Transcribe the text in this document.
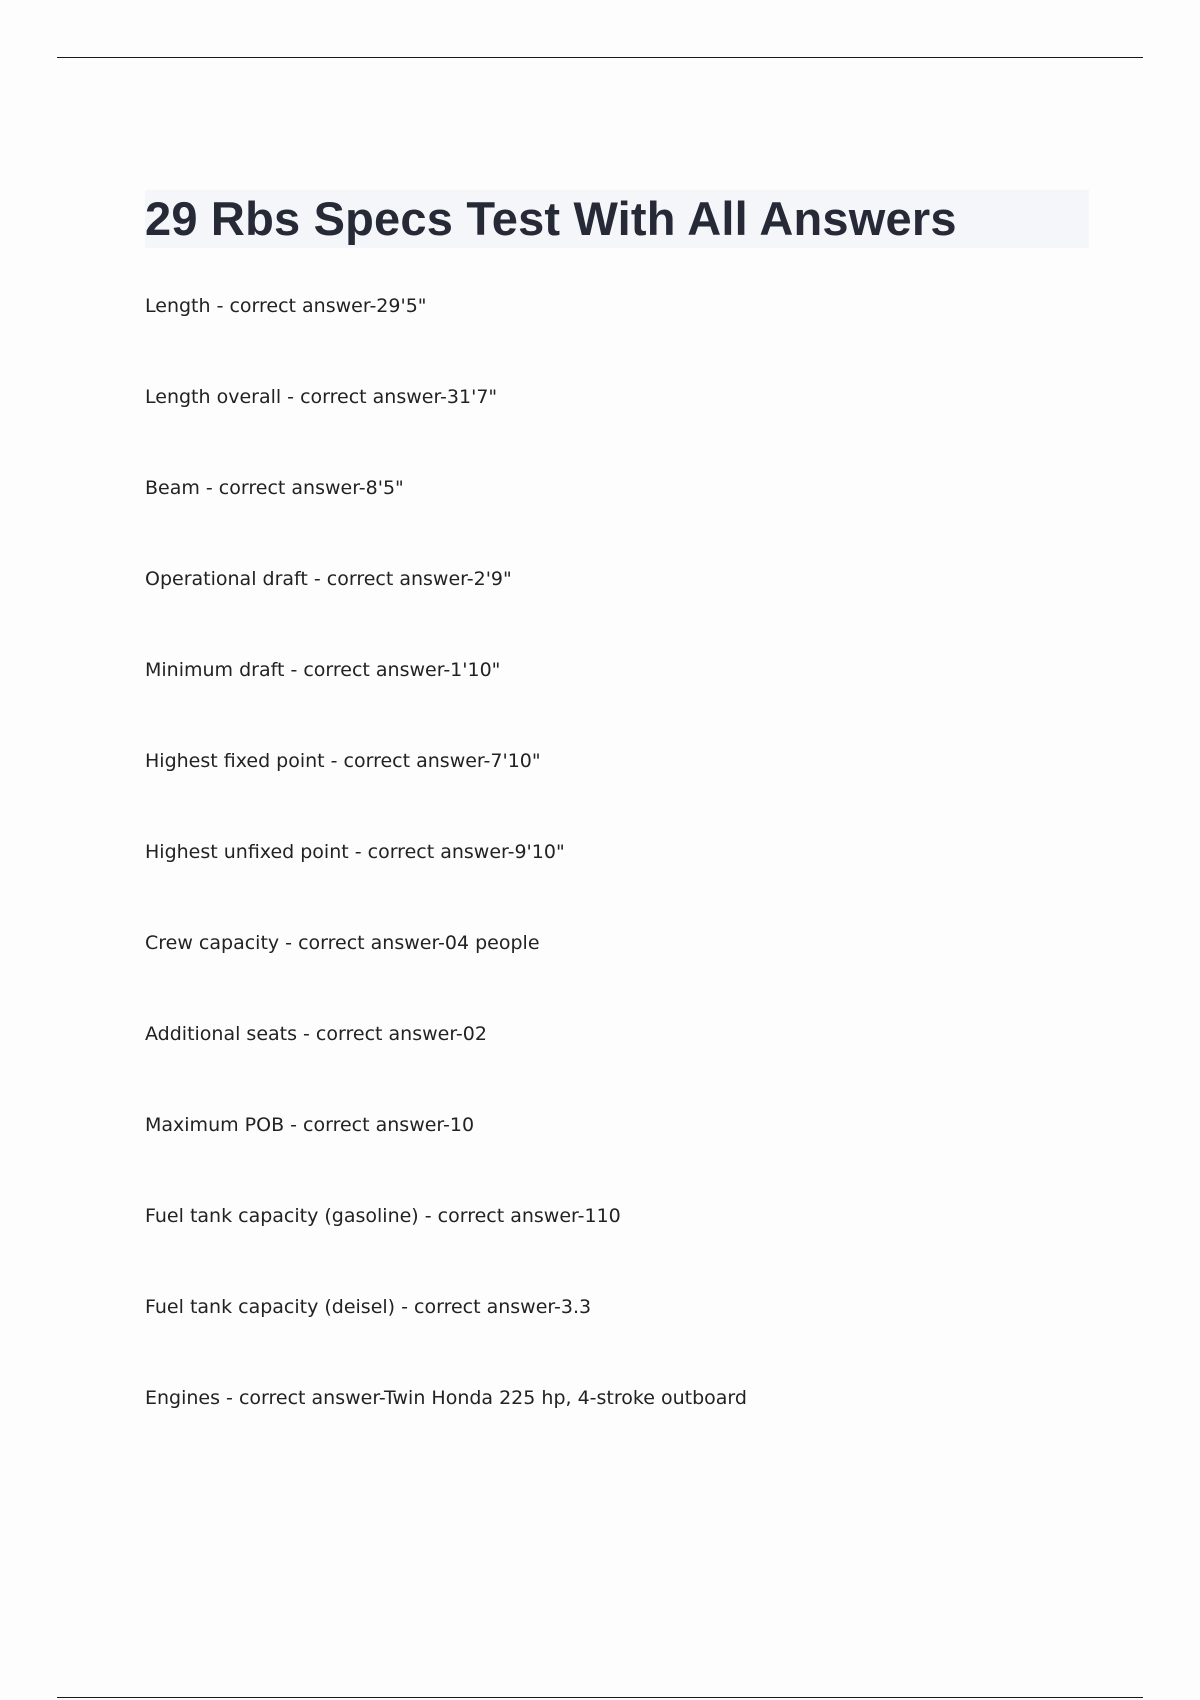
29 Rbs Specs Test With All Answers
Length - correct answer-29'5"
Length overall - correct answer-31'7"
Beam - correct answer-8'5"
Operational draft - correct answer-2'9"
Minimum draft - correct answer-1'10"
Highest fixed point - correct answer-7'10"
Highest unfixed point - correct answer-9'10"
Crew capacity - correct answer-04 people
Additional seats - correct answer-02
Maximum POB - correct answer-10
Fuel tank capacity (gasoline) - correct answer-110
Fuel tank capacity (deisel) - correct answer-3.3
Engines - correct answer-Twin Honda 225 hp, 4-stroke outboard
